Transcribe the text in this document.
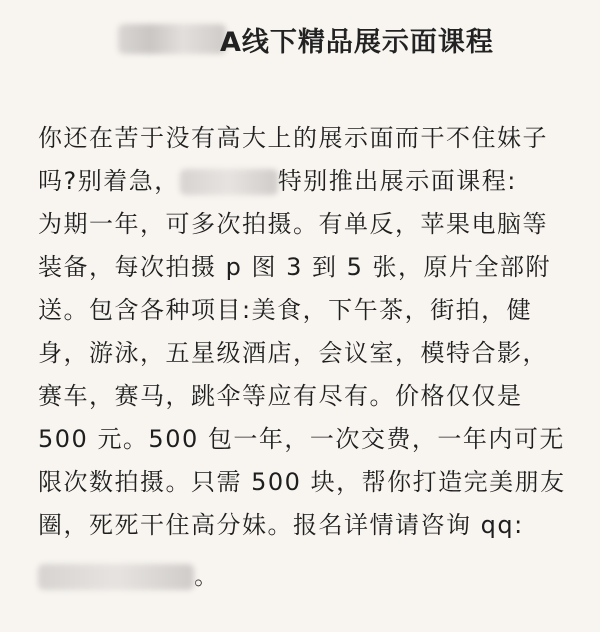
A线下精品展示面课程
你还在苦于没有高大上的展示面而干不住妹子
吗?别着急，	特别推出展示面课程:
为期一年，可多次拍摄。有单反，苹果电脑等
装备，每次拍摄 p 图 3 到 5 张，原片全部附
送。包含各种项目:美食，下午茶，街拍，健
身，游泳，五星级酒店，会议室，模特合影，
赛车，赛马，跳伞等应有尽有。价格仅仅是
500 元。500 包一年，一次交费，一年内可无
限次数拍摄。只需 500 块，帮你打造完美朋友
圈，死死干住高分妹。报名详情请咨询 qq:
。
